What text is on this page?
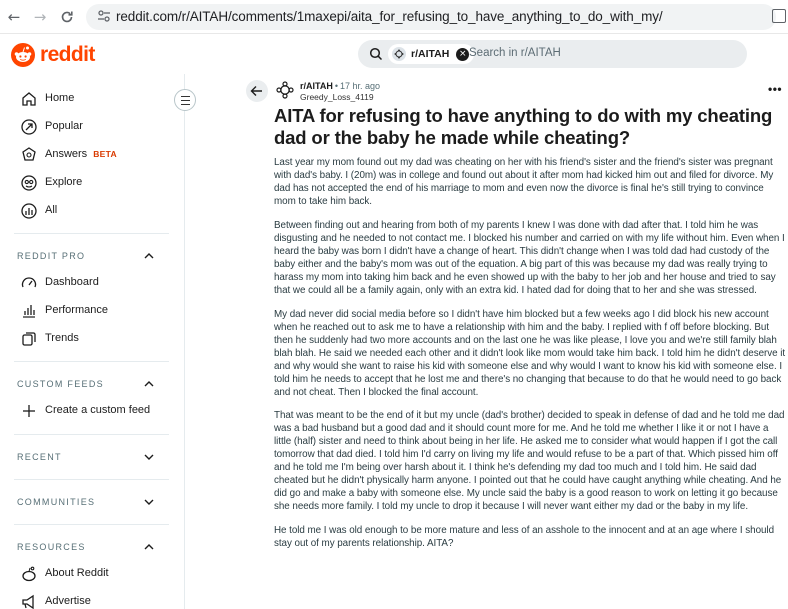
← →	reddit.com/r/AITAH/comments/1maxepi/aita_for_refusing_to_have_anything_to_do_with_my/
reddit	r/AITAH	× Search in r/AITAH
Home
Popular
Answers BETA
Explore
All
REDDIT PRO
Dashboard
Performance
Trends
CUSTOM FEEDS
Create a custom feed
RECENT
COMMUNITIES
RESOURCES
About Reddit
Advertise
r/AITAH • 17 hr. ago
Greedy_Loss_4119
•••
AITA for refusing to have anything to do with my cheating dad or the baby he made while cheating?

Last year my mom found out my dad was cheating on her with his friend's sister and the friend's sister was pregnant with dad's baby. I (20m) was in college and found out about it after mom had kicked him out and filed for divorce. My dad has not accepted the end of his marriage to mom and even now the divorce is final he's still trying to convince mom to take him back.

Between finding out and hearing from both of my parents I knew I was done with dad after that. I told him he was disgusting and he needed to not contact me. I blocked his number and carried on with my life without him. Even when I heard the baby was born I didn't have a change of heart. This didn't change when I was told dad had custody of the baby either and the baby's mom was out of the equation. A big part of this was because my dad was really trying to harass my mom into taking him back and he even showed up with the baby to her job and her house and tried to say that we could all be a family again, only with an extra kid. I hated dad for doing that to her and she was stressed.

My dad never did social media before so I didn't have him blocked but a few weeks ago I did block his new account when he reached out to ask me to have a relationship with him and the baby. I replied with f off before blocking. But then he suddenly had two more accounts and on the last one he was like please, I love you and we're still family blah blah blah. He said we needed each other and it didn't look like mom would take him back. I told him he didn't deserve it and why would she want to raise his kid with someone else and why would I want to know his kid with someone else. I told him he needs to accept that he lost me and there's no changing that because to do that he would need to go back and not cheat. Then I blocked the final account.

That was meant to be the end of it but my uncle (dad's brother) decided to speak in defense of dad and he told me dad was a bad husband but a good dad and it should count more for me. And he told me whether I like it or not I have a little (half) sister and need to think about being in her life. He asked me to consider what would happen if I got the call tomorrow that dad died. I told him I'd carry on living my life and would refuse to be a part of that. Which pissed him off and he told me I'm being over harsh about it. I think he's defending my dad too much and I told him. He said dad cheated but he didn't physically harm anyone. I pointed out that he could have caught anything while cheating. And he did go and make a baby with someone else. My uncle said the baby is a good reason to work on letting it go because she needs more family. I told my uncle to drop it because I will never want either my dad or the baby in my life.

He told me I was old enough to be more mature and less of an asshole to the innocent and at an age where I should stay out of my parents relationship. AITA?
